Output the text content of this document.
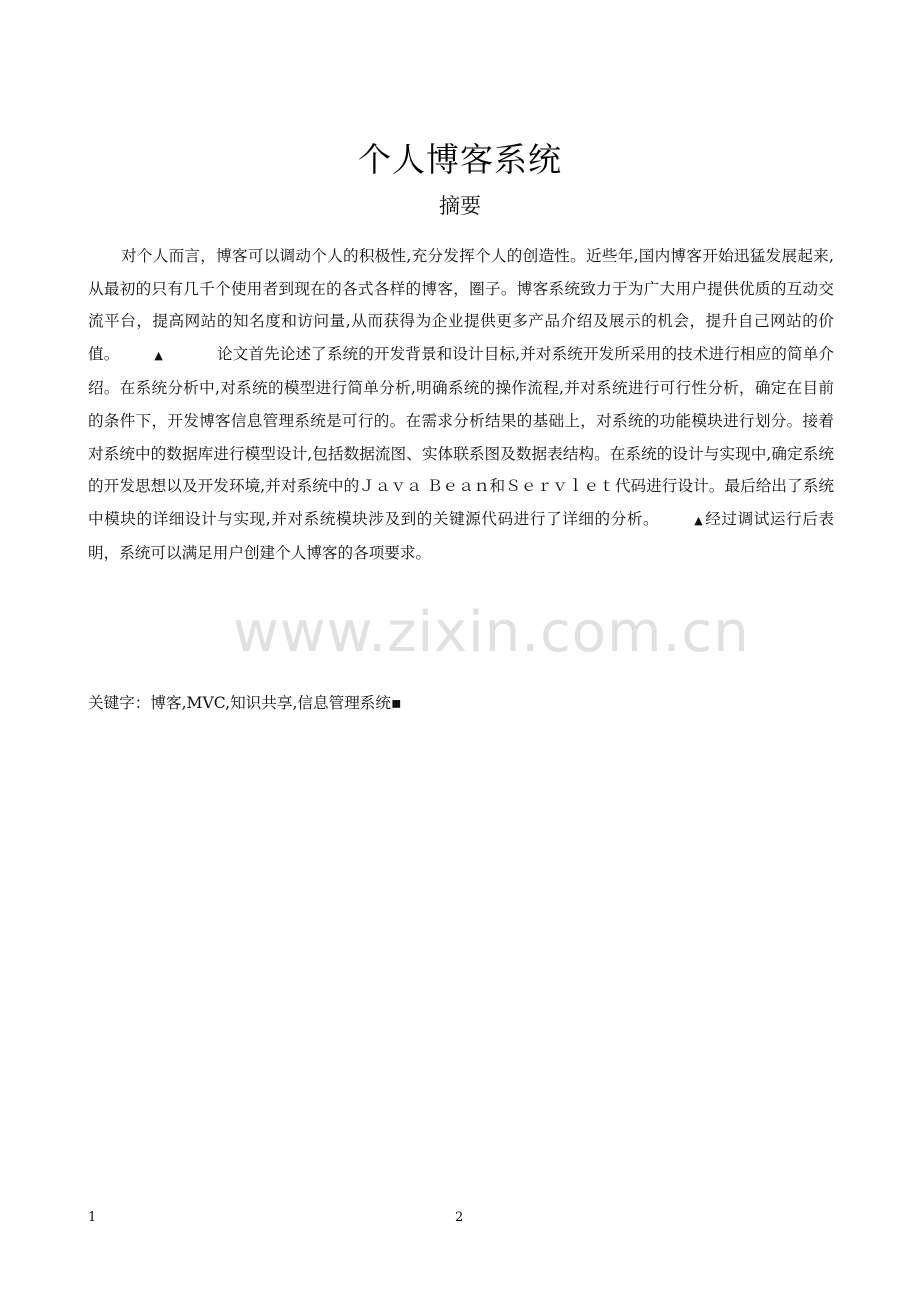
个人博客系统
摘要

对个人而言，博客可以调动个人的积极性,充分发挥个人的创造性。近些年,国内博客开始迅猛发展起来,从最初的只有几千个使用者到现在的各式各样的博客，圈子。博客系统致力于为广大用户提供优质的互动交流平台，提高网站的知名度和访问量,从而获得为企业提供更多产品介绍及展示的机会，提升自己网站的价值。	▲	论文首先论述了系统的开发背景和设计目标,并对系统开发所采用的技术进行相应的简单介绍。在系统分析中,对系统的模型进行简单分析,明确系统的操作流程,并对系统进行可行性分析，确定在目前的条件下，开发博客信息管理系统是可行的。在需求分析结果的基础上，对系统的功能模块进行划分。接着对系统中的数据库进行模型设计,包括数据流图、实体联系图及数据表结构。在系统的设计与实现中,确定系统的开发思想以及开发环境,并对系统中的Ｊａｖａ Ｂｅａｎ和Ｓｅｒｖｌｅｔ代码进行设计。最后给出了系统中模块的详细设计与实现,并对系统模块涉及到的关键源代码进行了详细的分析。	▲ 经过调试运行后表明，系统可以满足用户创建个人博客的各项要求。

关键字：博客,MVC,知识共享,信息管理系统▪

www.zixin.com.cn
1	2
